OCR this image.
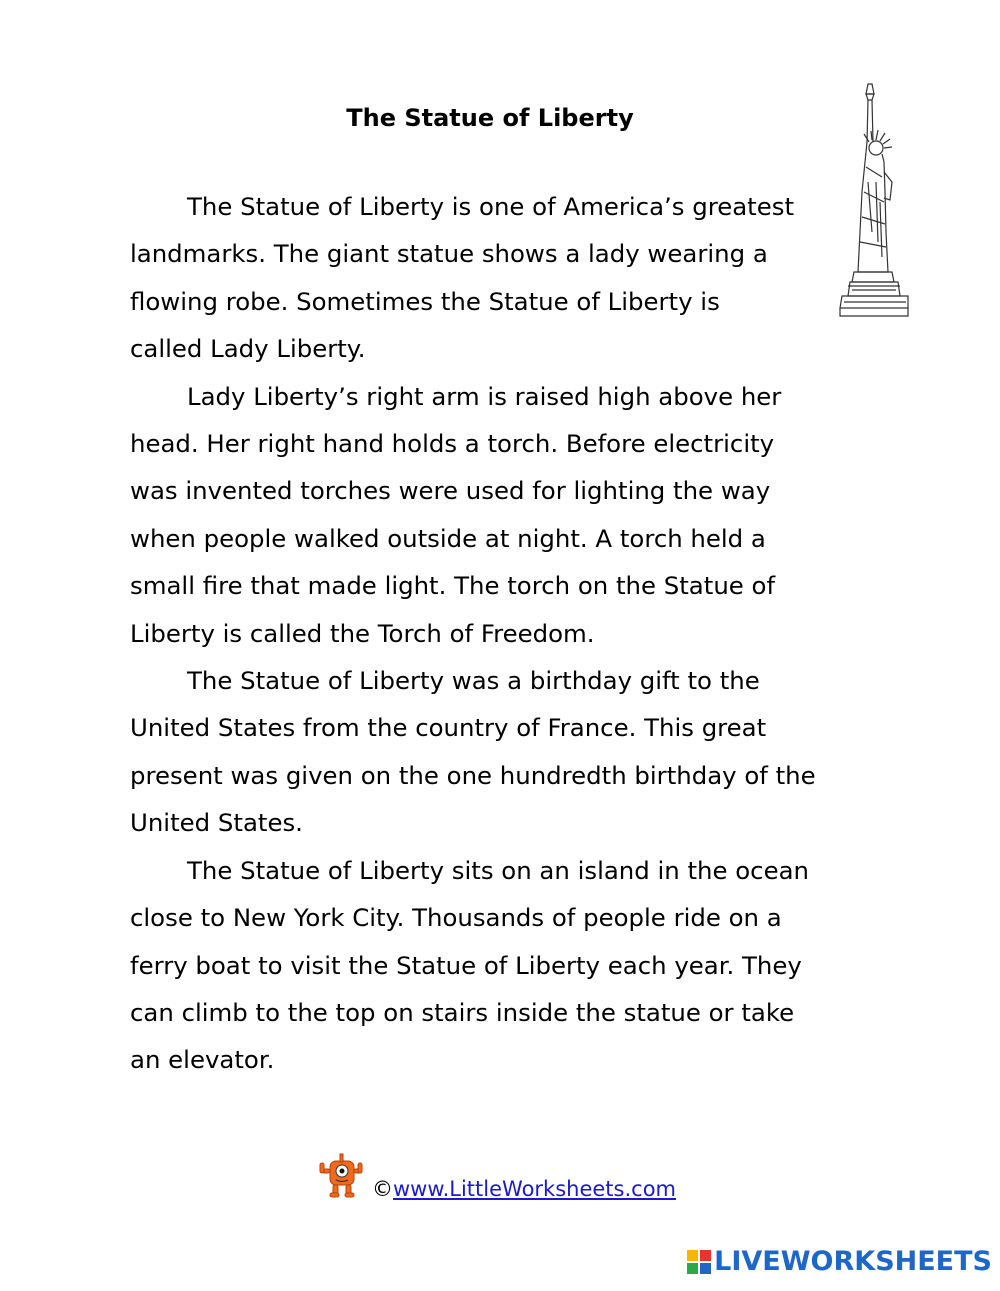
The Statue of Liberty
The Statue of Liberty is one of America’s greatest
landmarks. The giant statue shows a lady wearing a
flowing robe. Sometimes the Statue of Liberty is
called Lady Liberty.
Lady Liberty’s right arm is raised high above her
head. Her right hand holds a torch. Before electricity
was invented torches were used for lighting the way
when people walked outside at night. A torch held a
small fire that made light. The torch on the Statue of
Liberty is called the Torch of Freedom.
The Statue of Liberty was a birthday gift to the
United States from the country of France. This great
present was given on the one hundredth birthday of the
United States.
The Statue of Liberty sits on an island in the ocean
close to New York City. Thousands of people ride on a
ferry boat to visit the Statue of Liberty each year. They
can climb to the top on stairs inside the statue or take
an elevator.
©www.LittleWorksheets.com
LIVEWORKSHEETS
